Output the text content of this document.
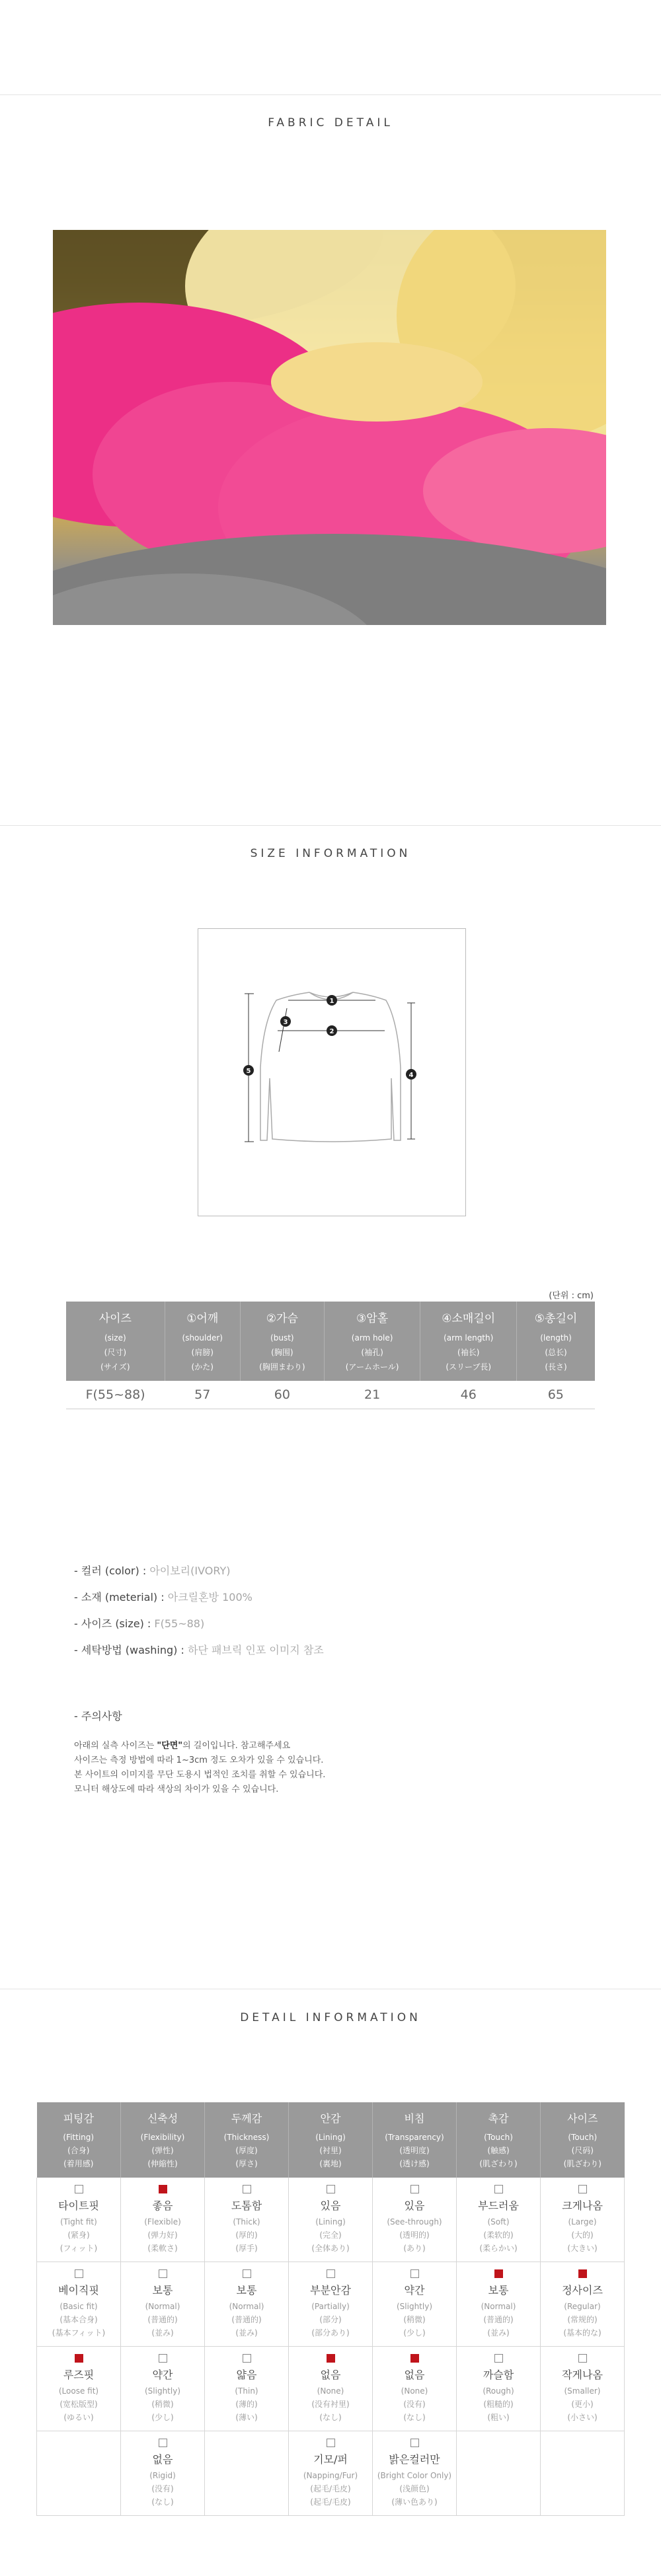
FABRIC DETAIL
SIZE INFORMATION
1
2
3
4
5
(단위 : cm)
사이즈
(size)
(尺寸)
(サイズ)	①어깨
(shoulder)
(肩膀)
(かた)	②가슴
(bust)
(胸围)
(胸囲まわり)	③암홀
(arm hole)
(袖孔)
(アームホール)	④소매길이
(arm length)
(袖长)
(スリーブ長)	⑤총길이
(length)
(总长)
(長さ)

F(55~88)	57	60	21	46	65
- 컬러 (color) : 아이보리(IVORY)
- 소재 (meterial) : 아크릴혼방 100%
- 사이즈 (size) : F(55~88)
- 세탁방법 (washing) : 하단 패브릭 인포 이미지 참조
- 주의사항
아래의 실측 사이즈는 "단면"의 길이입니다. 참고해주세요
사이즈는 측정 방법에 따라 1~3cm 정도 오차가 있을 수 있습니다.
본 사이트의 이미지를 무단 도용시 법적인 조치를 취할 수 있습니다.
모니터 해상도에 따라 색상의 차이가 있을 수 있습니다.
DETAIL INFORMATION
피팅감
(Fitting)
(合身)
(着用感)	신축성
(Flexibility)
(弹性)
(伸縮性)	두께감
(Thickness)
(厚度)
(厚さ)	안감
(Lining)
(衬里)
(裏地)	비침
(Transparency)
(透明度)
(透け感)	촉감
(Touch)
(触感)
(肌ざわり)	사이즈
(Touch)
(尺码)
(肌ざわり)

타이트핏
(Tight fit)
(紧身)
(フィット)	좋음
(Flexible)
(弹力好)
(柔軟さ)	도톰함
(Thick)
(厚的)
(厚手)	있음
(Lining)
(完全)
(全体あり)	있음
(See-through)
(透明的)
(あり)	부드러움
(Soft)
(柔软的)
(柔らかい)	크게나옴
(Large)
(大的)
(大きい)

베이직핏
(Basic fit)
(基本合身)
(基本フィット)	보통
(Normal)
(普通的)
(並み)	보통
(Normal)
(普通的)
(並み)	부분안감
(Partially)
(部分)
(部分あり)	약간
(Slightly)
(稍微)
(少し)	보통
(Normal)
(普通的)
(並み)	정사이즈
(Regular)
(常规的)
(基本的な)

루즈핏
(Loose fit)
(宽松版型)
(ゆるい)	약간
(Slightly)
(稍微)
(少し)	얇음
(Thin)
(薄的)
(薄い)	없음
(None)
(没有衬里)
(なし)	없음
(None)
(没有)
(なし)	까슬함
(Rough)
(粗糙的)
(粗い)	작게나옴
(Smaller)
(更小)
(小さい)

	없음
(Rigid)
(没有)
(なし)		기모/퍼
(Napping/Fur)
(起毛/毛皮)
(起毛/毛皮)	밝은컬러만
(Bright Color Only)
(浅颜色)
(薄い色あり)		
